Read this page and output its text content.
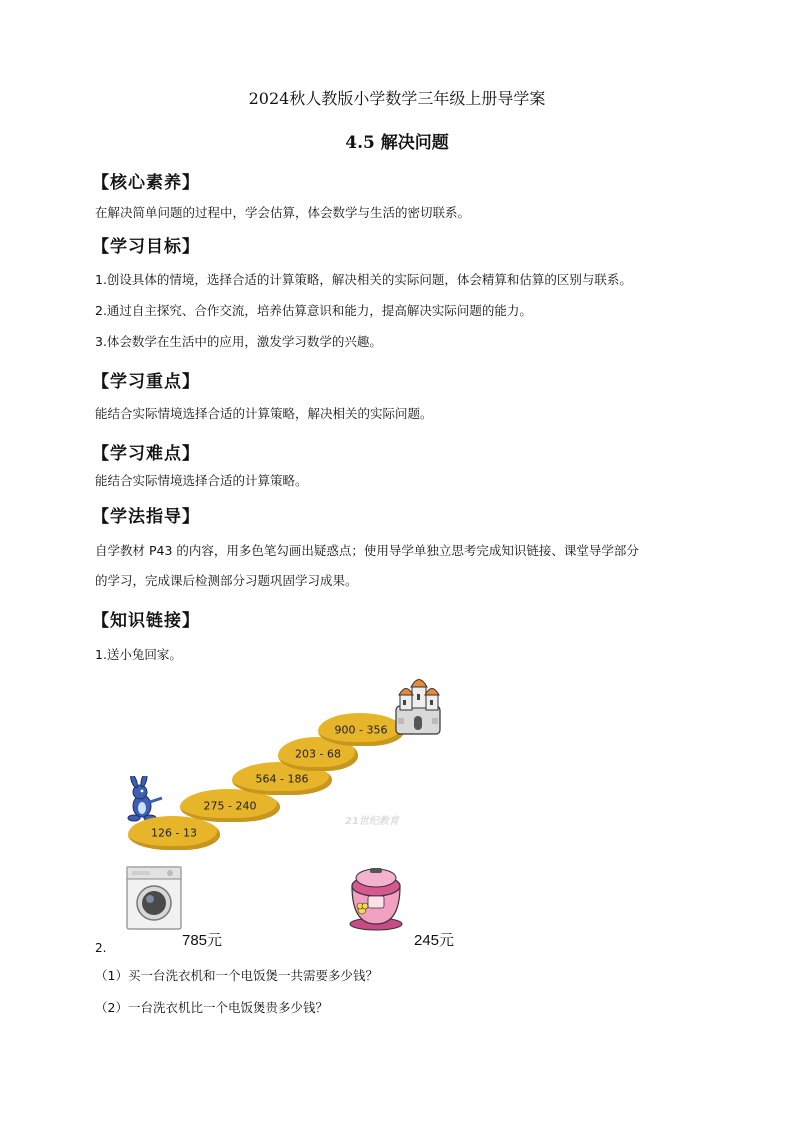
2024秋人教版小学数学三年级上册导学案
4.5 解决问题
【核心素养】
在解决简单问题的过程中，学会估算，体会数学与生活的密切联系。
【学习目标】
1.创设具体的情境，选择合适的计算策略，解决相关的实际问题，体会精算和估算的区别与联系。
2.通过自主探究、合作交流，培养估算意识和能力，提高解决实际问题的能力。
3.体会数学在生活中的应用，激发学习数学的兴趣。
【学习重点】
能结合实际情境选择合适的计算策略，解决相关的实际问题。
【学习难点】
能结合实际情境选择合适的计算策略。
【学法指导】
自学教材 P43 的内容，用多色笔勾画出疑惑点；使用导学单独立思考完成知识链接、课堂导学部分
的学习，完成课后检测部分习题巩固学习成果。
【知识链接】
1.送小兔回家。
126 - 13
275 - 240
564 - 186
203 - 68
900 - 356
21世纪教育
785元
2.	245元
（1）买一台洗衣机和一个电饭煲一共需要多少钱？
（2）一台洗衣机比一个电饭煲贵多少钱？
